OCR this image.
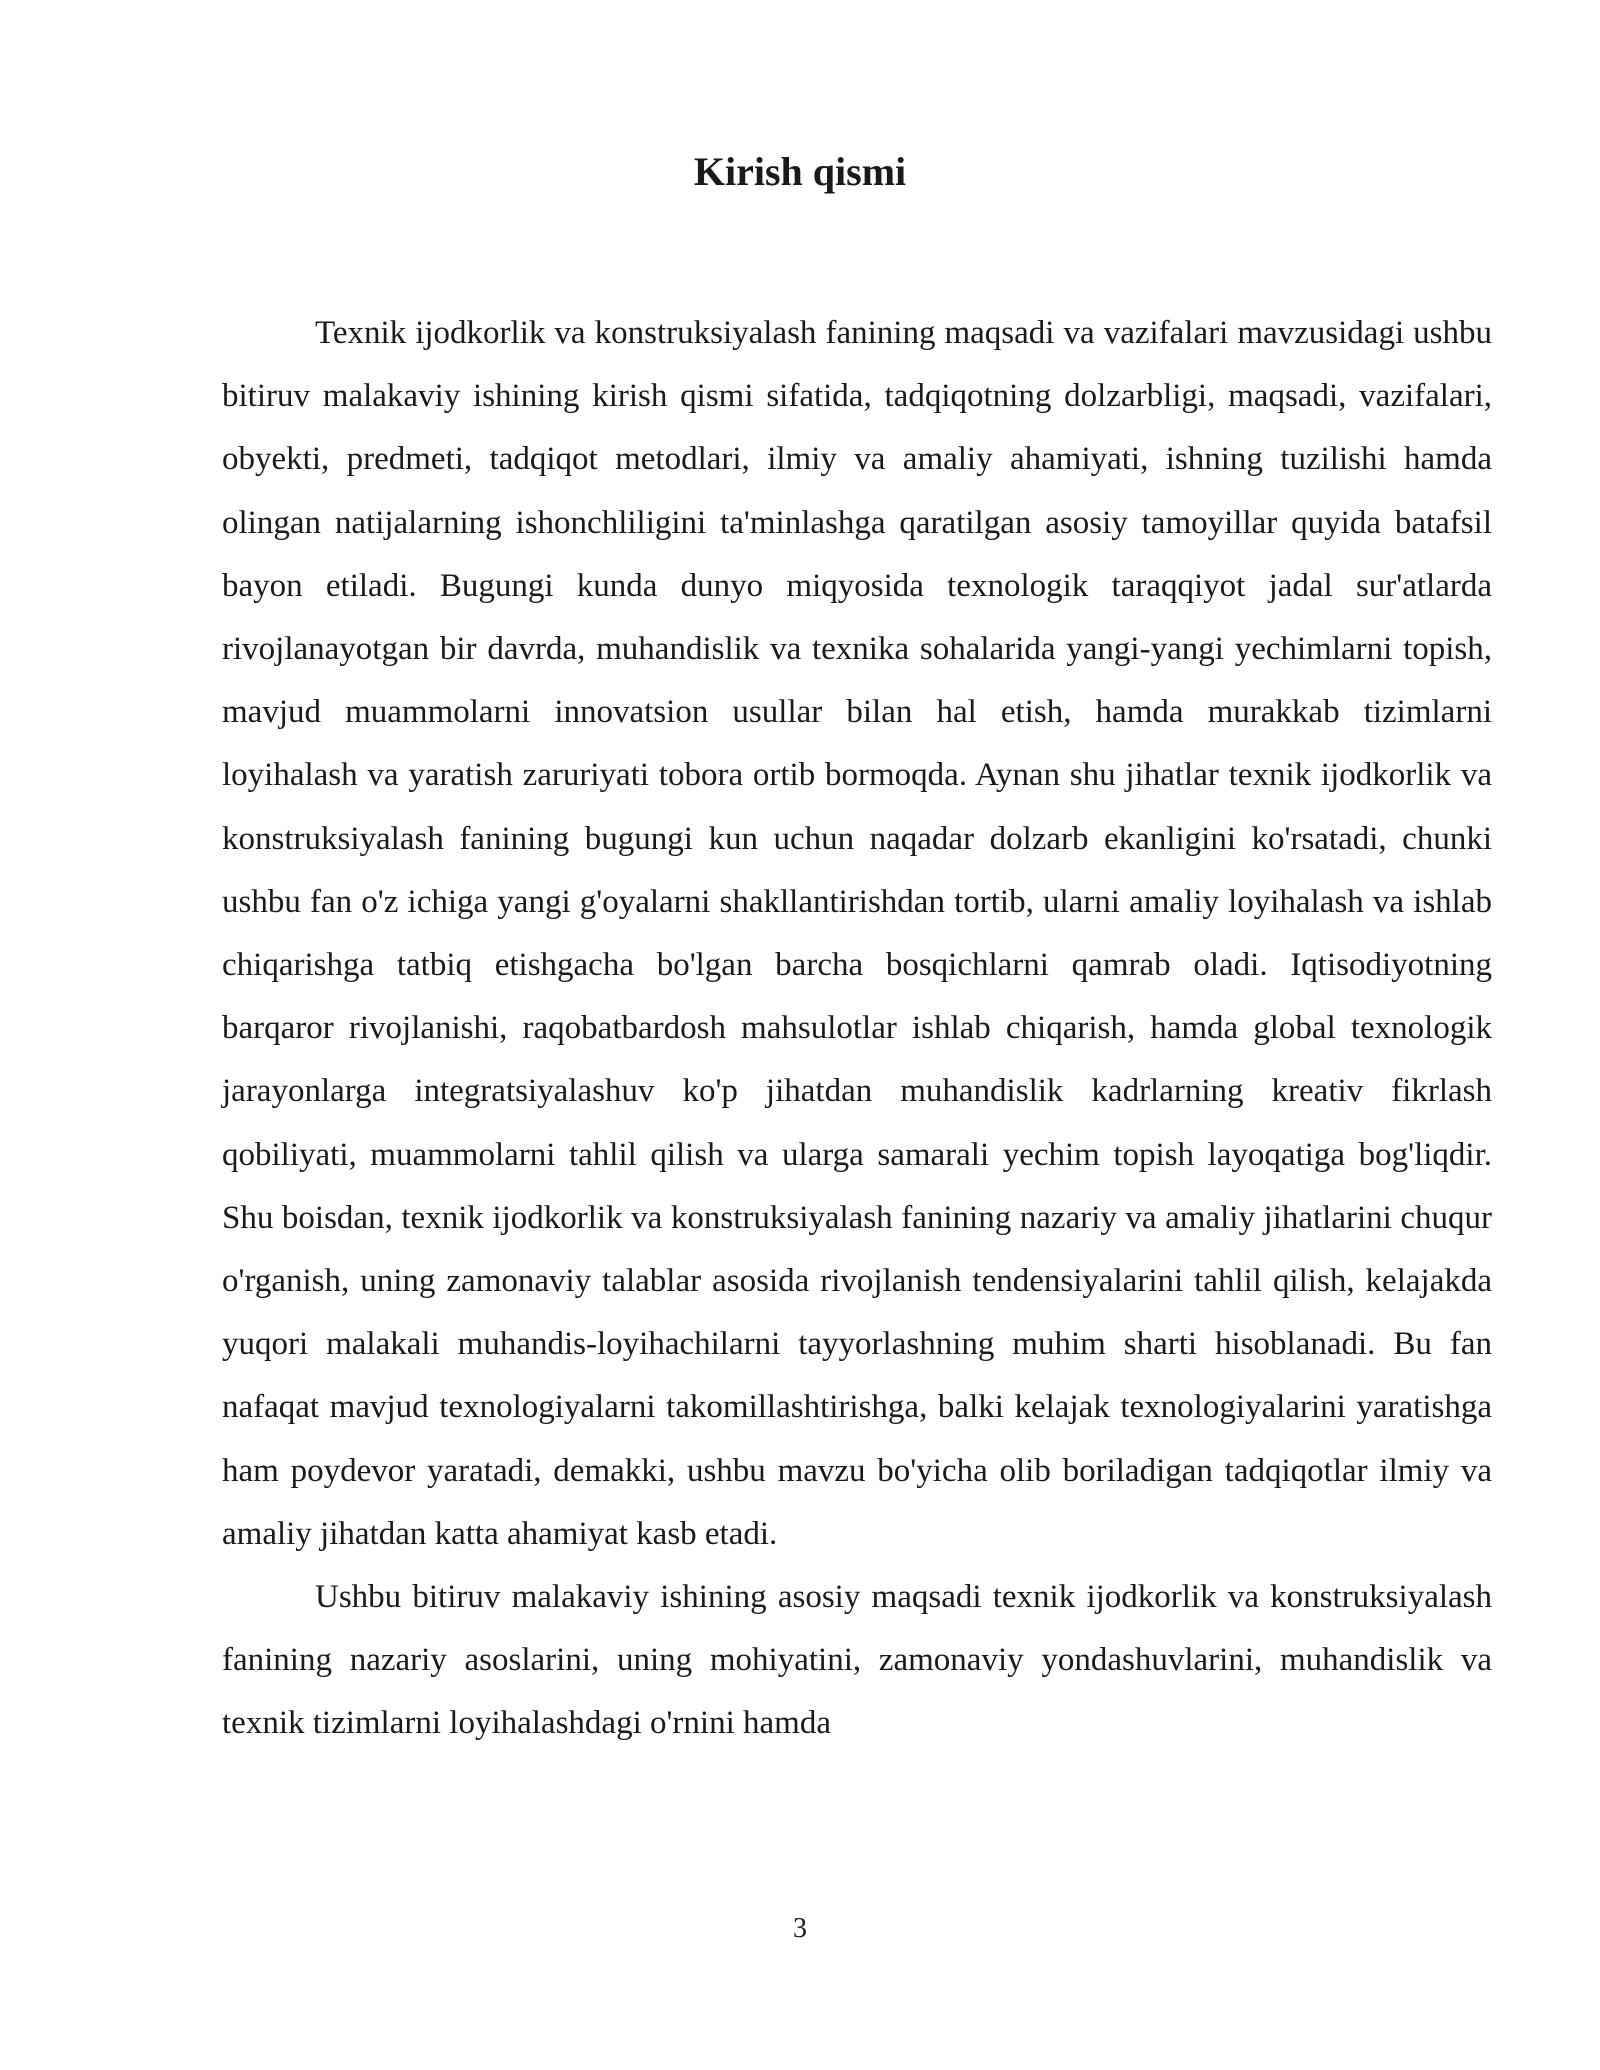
Kirish qismi

Texnik ijodkorlik va konstruksiyalash fanining maqsadi va vazifalari mavzusidagi ushbu bitiruv malakaviy ishining kirish qismi sifatida, tadqiqotning dolzarbligi, maqsadi, vazifalari, obyekti, predmeti, tadqiqot metodlari, ilmiy va amaliy ahamiyati, ishning tuzilishi hamda olingan natijalarning ishonchliligini ta'minlashga qaratilgan asosiy tamoyillar quyida batafsil bayon etiladi. Bugungi kunda dunyo miqyosida texnologik taraqqiyot jadal sur'atlarda rivojlanayotgan bir davrda, muhandislik va texnika sohalarida yangi-yangi yechimlarni topish, mavjud muammolarni innovatsion usullar bilan hal etish, hamda murakkab tizimlarni loyihalash va yaratish zaruriyati tobora ortib bormoqda. Aynan shu jihatlar texnik ijodkorlik va konstruksiyalash fanining bugungi kun uchun naqadar dolzarb ekanligini ko'rsatadi, chunki ushbu fan o'z ichiga yangi g'oyalarni shakllantirishdan tortib, ularni amaliy loyihalash va ishlab chiqarishga tatbiq etishgacha bo'lgan barcha bosqichlarni qamrab oladi. Iqtisodiyotning barqaror rivojlanishi, raqobatbardosh mahsulotlar ishlab chiqarish, hamda global texnologik jarayonlarga integratsiyalashuv ko'p jihatdan muhandislik kadrlarning kreativ fikrlash qobiliyati, muammolarni tahlil qilish va ularga samarali yechim topish layoqatiga bog'liqdir. Shu boisdan, texnik ijodkorlik va konstruksiyalash fanining nazariy va amaliy jihatlarini chuqur o'rganish, uning zamonaviy talablar asosida rivojlanish tendensiyalarini tahlil qilish, kelajakda yuqori malakali muhandis-loyihachilarni tayyorlashning muhim sharti hisoblanadi. Bu fan nafaqat mavjud texnologiyalarni takomillashtirishga, balki kelajak texnologiyalarini yaratishga ham poydevor yaratadi, demakki, ushbu mavzu bo'yicha olib boriladigan tadqiqotlar ilmiy va amaliy jihatdan katta ahamiyat kasb etadi.

Ushbu bitiruv malakaviy ishining asosiy maqsadi texnik ijodkorlik va konstruksiyalash fanining nazariy asoslarini, uning mohiyatini, zamonaviy yondashuvlarini, muhandislik va texnik tizimlarni loyihalashdagi o'rnini hamda

3
